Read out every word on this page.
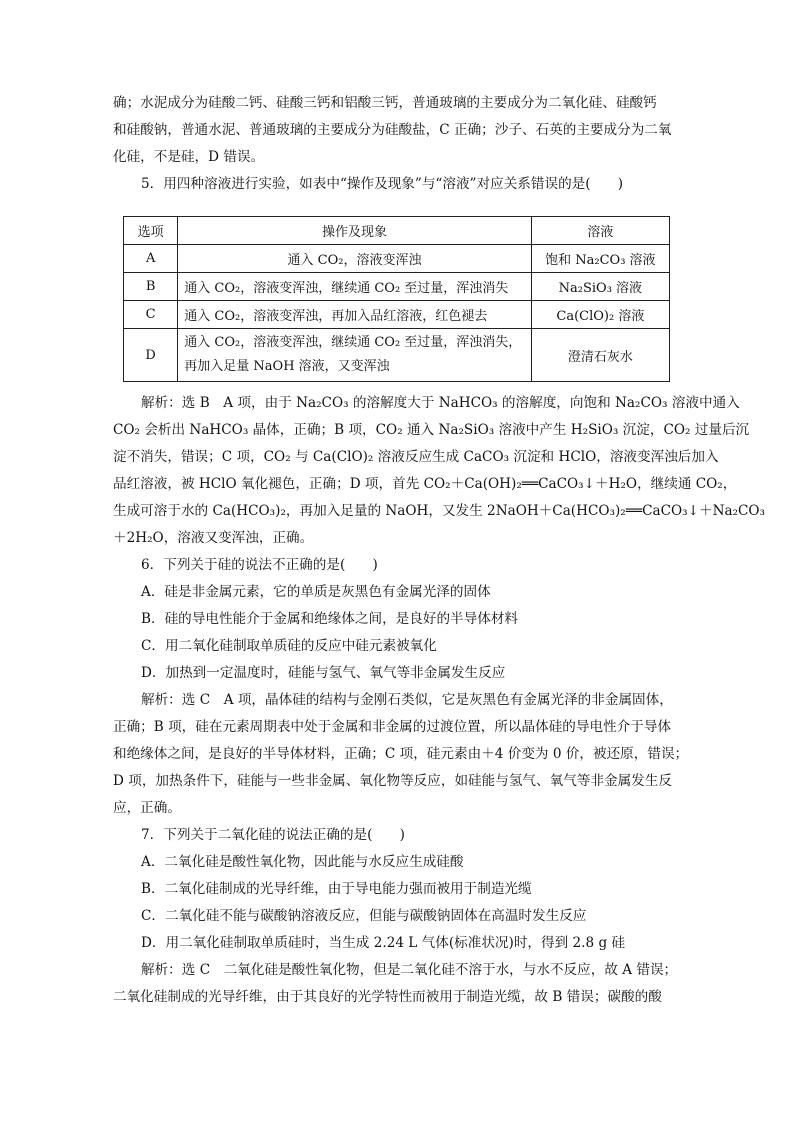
确；水泥成分为硅酸二钙、硅酸三钙和铝酸三钙，普通玻璃的主要成分为二氧化硅、硅酸钙
和硅酸钠，普通水泥、普通玻璃的主要成分为硅酸盐，C 正确；沙子、石英的主要成分为二氧
化硅，不是硅，D 错误。
5．用四种溶液进行实验，如表中“操作及现象”与“溶液”对应关系错误的是(　　)
选项	操作及现象	溶液
A	通入 CO₂，溶液变浑浊	饱和 Na₂CO₃ 溶液
B	通入 CO₂，溶液变浑浊，继续通 CO₂ 至过量，浑浊消失	Na₂SiO₃ 溶液
C	通入 CO₂，溶液变浑浊，再加入品红溶液，红色褪去	Ca(ClO)₂ 溶液
D	通入 CO₂，溶液变浑浊，继续通 CO₂ 至过量，浑浊消失，
再加入足量 NaOH 溶液，又变浑浊	澄清石灰水
解析：选 B　A 项，由于 Na₂CO₃ 的溶解度大于 NaHCO₃ 的溶解度，向饱和 Na₂CO₃ 溶液中通入
CO₂ 会析出 NaHCO₃ 晶体，正确；B 项，CO₂ 通入 Na₂SiO₃ 溶液中产生 H₂SiO₃ 沉淀，CO₂ 过量后沉
淀不消失，错误；C 项，CO₂ 与 Ca(ClO)₂ 溶液反应生成 CaCO₃ 沉淀和 HClO，溶液变浑浊后加入
品红溶液，被 HClO 氧化褪色，正确；D 项，首先 CO₂＋Ca(OH)₂══CaCO₃↓＋H₂O，继续通 CO₂，
生成可溶于水的 Ca(HCO₃)₂，再加入足量的 NaOH，又发生 2NaOH＋Ca(HCO₃)₂══CaCO₃↓＋Na₂CO₃
＋2H₂O，溶液又变浑浊，正确。
6．下列关于硅的说法不正确的是(　　)
A．硅是非金属元素，它的单质是灰黑色有金属光泽的固体
B．硅的导电性能介于金属和绝缘体之间，是良好的半导体材料
C．用二氧化硅制取单质硅的反应中硅元素被氧化
D．加热到一定温度时，硅能与氢气、氧气等非金属发生反应
解析：选 C　A 项，晶体硅的结构与金刚石类似，它是灰黑色有金属光泽的非金属固体，
正确；B 项，硅在元素周期表中处于金属和非金属的过渡位置，所以晶体硅的导电性介于导体
和绝缘体之间，是良好的半导体材料，正确；C 项，硅元素由＋4 价变为 0 价，被还原，错误；
D 项，加热条件下，硅能与一些非金属、氧化物等反应，如硅能与氢气、氧气等非金属发生反
应，正确。
7．下列关于二氧化硅的说法正确的是(　　)
A．二氧化硅是酸性氧化物，因此能与水反应生成硅酸
B．二氧化硅制成的光导纤维，由于导电能力强而被用于制造光缆
C．二氧化硅不能与碳酸钠溶液反应，但能与碳酸钠固体在高温时发生反应
D．用二氧化硅制取单质硅时，当生成 2.24 L 气体(标准状况)时，得到 2.8 g 硅
解析：选 C　二氧化硅是酸性氧化物，但是二氧化硅不溶于水，与水不反应，故 A 错误；
二氧化硅制成的光导纤维，由于其良好的光学特性而被用于制造光缆，故 B 错误；碳酸的酸
